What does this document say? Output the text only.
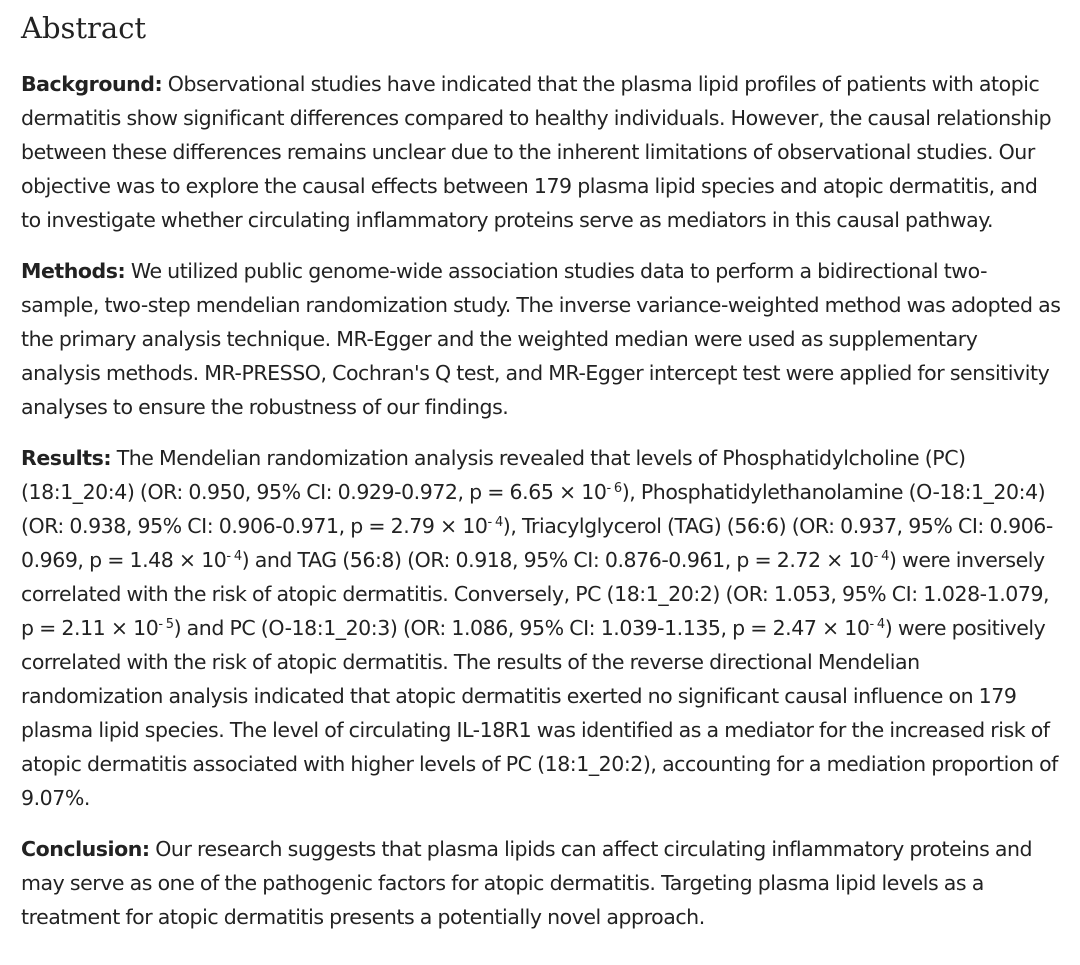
Abstract

Background: Observational studies have indicated that the plasma lipid profiles of patients with atopic dermatitis show significant differences compared to healthy individuals. However, the causal relationship between these differences remains unclear due to the inherent limitations of observational studies. Our objective was to explore the causal effects between 179 plasma lipid species and atopic dermatitis, and to investigate whether circulating inflammatory proteins serve as mediators in this causal pathway.

Methods: We utilized public genome-wide association studies data to perform a bidirectional two-sample, two-step mendelian randomization study. The inverse variance-weighted method was adopted as the primary analysis technique. MR-Egger and the weighted median were used as supplementary analysis methods. MR-PRESSO, Cochran's Q test, and MR-Egger intercept test were applied for sensitivity analyses to ensure the robustness of our findings.

Results: The Mendelian randomization analysis revealed that levels of Phosphatidylcholine (PC) (18:1_20:4) (OR: 0.950, 95% CI: 0.929-0.972, $p = 6.65 \times 10^{- 6}$), Phosphatidylethanolamine (O-18:1_20:4) (OR: 0.938, 95% CI: 0.906-0.971, $p = 2.79 \times 10^{- 4}$), Triacylglycerol (TAG) (56:6) (OR: 0.937, 95% CI: 0.906-0.969, $p = 1.48 \times 10^{- 4}$) and TAG (56:8) (OR: 0.918, 95% CI: 0.876-0.961, $p = 2.72 \times 10^{- 4}$) were inversely correlated with the risk of atopic dermatitis. Conversely, PC (18:1_20:2) (OR: 1.053, 95% CI: 1.028-1.079, $p = 2.11 \times 10^{- 5}$) and PC (O-18:1_20:3) (OR: 1.086, 95% CI: 1.039-1.135, $p = 2.47 \times 10^{- 4}$) were positively correlated with the risk of atopic dermatitis. The results of the reverse directional Mendelian randomization analysis indicated that atopic dermatitis exerted no significant causal influence on 179 plasma lipid species. The level of circulating IL-18R1 was identified as a mediator for the increased risk of atopic dermatitis associated with higher levels of PC (18:1_20:2), accounting for a mediation proportion of 9.07%.

Conclusion: Our research suggests that plasma lipids can affect circulating inflammatory proteins and may serve as one of the pathogenic factors for atopic dermatitis. Targeting plasma lipid levels as a treatment for atopic dermatitis presents a potentially novel approach.
